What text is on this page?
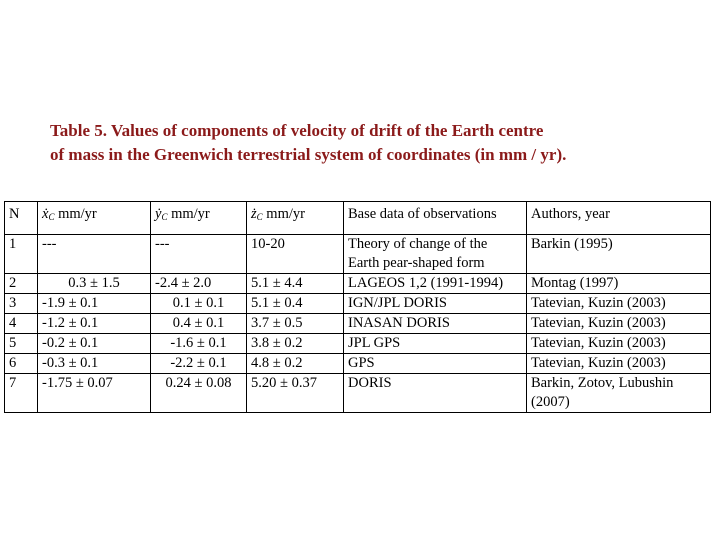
Table 5. Values of components of velocity of drift of the Earth centre
of mass in the Greenwich terrestrial system of coordinates (in mm / yr).
N	ẋ$_C$ mm/yr	ẏ$_C$ mm/yr	$ż_C$ mm/yr	Base data of observations	Authors, year
1	---	---	10-20	Theory of change of the Earth pear-shaped form	Barkin (1995)
2	0.3 ± 1.5	-2.4 ± 2.0	5.1 ± 4.4	LAGEOS 1,2 (1991-1994)	Montag (1997)
3	-1.9 ± 0.1	0.1 ± 0.1	5.1 ± 0.4	IGN/JPL DORIS	Tatevian, Kuzin (2003)
4	-1.2 ± 0.1	0.4 ± 0.1	3.7 ± 0.5	INASAN DORIS	Tatevian, Kuzin (2003)
5	-0.2 ± 0.1	-1.6 ± 0.1	3.8 ± 0.2	JPL GPS	Tatevian, Kuzin (2003)
6	-0.3 ± 0.1	-2.2 ± 0.1	4.8 ± 0.2	GPS	Tatevian, Kuzin (2003)
7	-1.75 ± 0.07	0.24 ± 0.08	5.20 ± 0.37	DORIS	Barkin, Zotov, Lubushin (2007)
